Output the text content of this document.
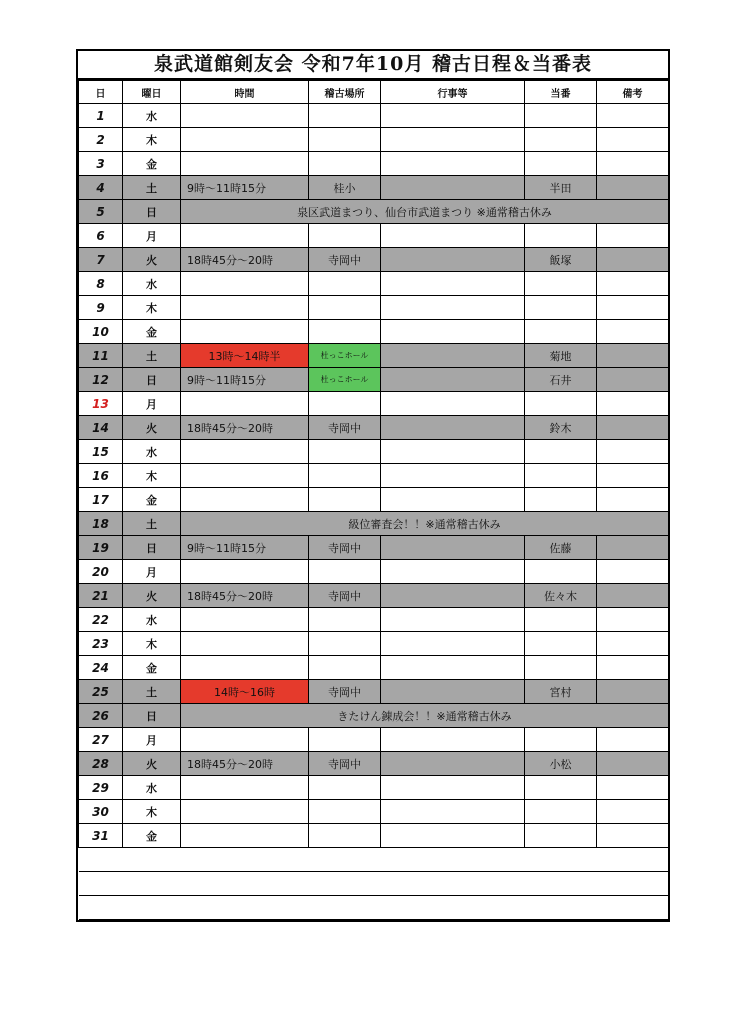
泉武道館剣友会 令和7年10月 稽古日程＆当番表
日	曜日	時間	稽古場所	行事等	当番	備考
1	水					
2	木					
3	金					
4	土	9時～11時15分	桂小		半田	
5	日	泉区武道まつり、仙台市武道まつり ※通常稽古休み				
6	月					
7	火	18時45分～20時	寺岡中		飯塚	
8	水					
9	木					
10	金					
11	土	13時～14時半	杜っこホール		菊地	
12	日	9時～11時15分	杜っこホール		石井	
13	月					
14	火	18時45分～20時	寺岡中		鈴木	
15	水					
16	木					
17	金					
18	土	級位審査会！！※通常稽古休み				
19	日	9時～11時15分	寺岡中		佐藤	
20	月					
21	火	18時45分～20時	寺岡中		佐々木	
22	水					
23	木					
24	金					
25	土	14時～16時	寺岡中		宮村	
26	日	きたけん錬成会！！※通常稽古休み				
27	月					
28	火	18時45分～20時	寺岡中		小松	
29	水					
30	木					
31	金					
